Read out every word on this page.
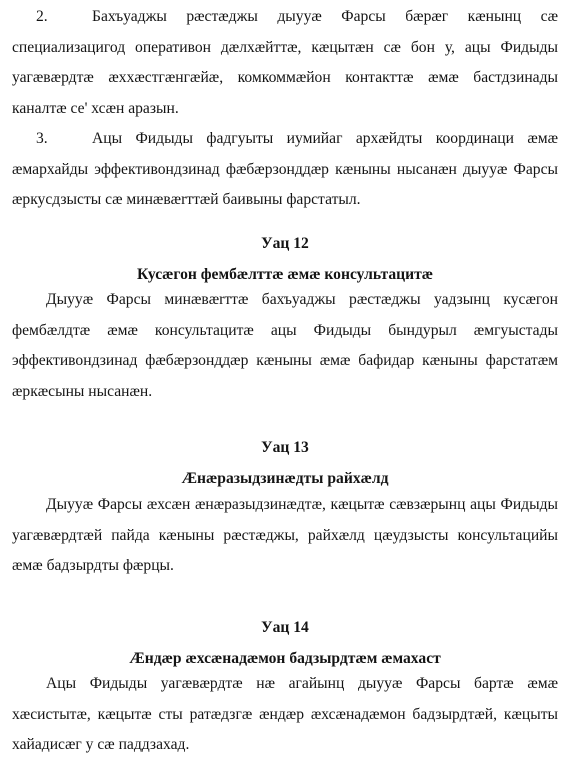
2.	Бахъуаджы рæстæджы дыууæ Фарсы бæрæг кæнынц сæ специализацигод оперативон дæлхæйттæ, кæцытæн сæ бон у, ацы Фидыды уагæвæрдтæ æххæстгæнгæйæ, комкоммæйон контакттæ æмæ бастдзинады каналтæ се' хсæн аразын.

3.	Ацы Фидыды фадгуыты иумийаг архæйдты координаци æмæ æмархайды эффективондзинад фæбæрзонддæр кæныны нысанæн дыууæ Фарсы æркусдзысты сæ минæвærттæй баивыны фарстатыл.

Уац 12

Кусæгон фембæлттæ æмæ консультацитæ

Дыууæ Фарсы минæвærттæ бахъуаджы рæстæджы уадзынц кусæгон фембæлдтæ æмæ консультацитæ ацы Фидыды бындурыл æмгуыстады эффективондзинад фæбæрзонддæр кæныны æмæ бафидар кæныны фарстатæм æркæсыны нысанæн.

Уац 13

Æнæразыдзинæдты райхæлд

Дыууæ Фарсы æхсæн æнæразыдзинæдтæ, кæцытæ сæвзæрынц ацы Фидыды уагæвæрдтæй пайда кæныны рæстæджы, райхæлд цæудзысты консультацийы æмæ бадзырдты фæрцы.

Уац 14

Æндæр æхсæнадæмон бадзырдтæм æмахаст

Ацы Фидыды уагæвæрдтæ нæ агайынц дыууæ Фарсы бартæ æмæ хæсистытæ, кæцытæ сты ратæдзгæ æндæр æхсæнадæмон бадзырдтæй, кæцыты хайадисæг у сæ паддзахад.
